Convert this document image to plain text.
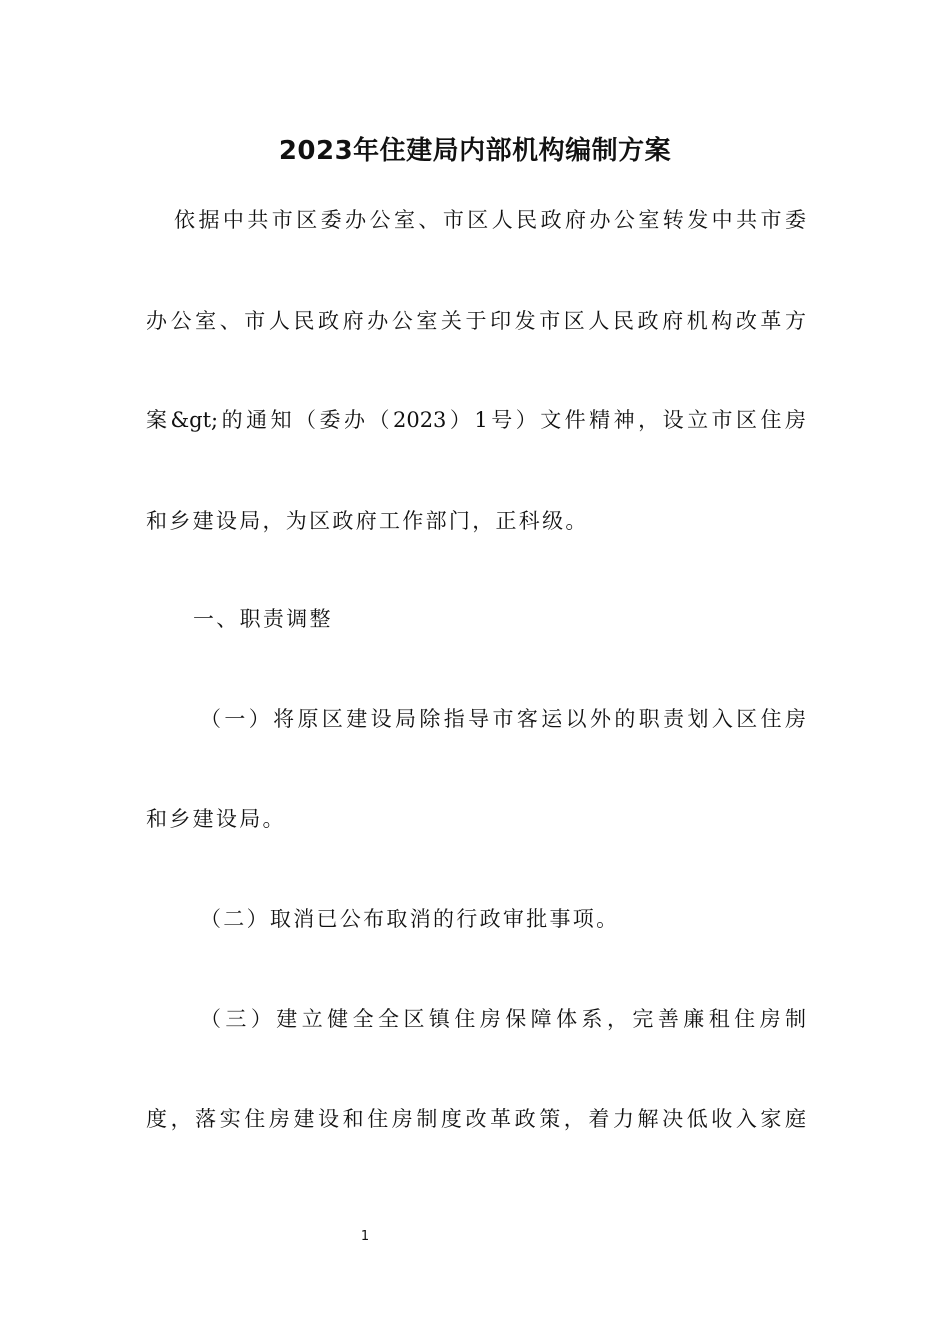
2023年住建局内部机构编制方案
依据中共市区委办公室、市区人民政府办公室转发中共市委
办公室、市人民政府办公室关于印发市区人民政府机构改革方
案&gt;的通知（委办（2023）1号）文件精神，设立市区住房
和乡建设局，为区政府工作部门，正科级。
一、职责调整
（一）将原区建设局除指导市客运以外的职责划入区住房
和乡建设局。
（二）取消已公布取消的行政审批事项。
（三）建立健全全区镇住房保障体系，完善廉租住房制
度，落实住房建设和住房制度改革政策，着力解决低收入家庭
1
